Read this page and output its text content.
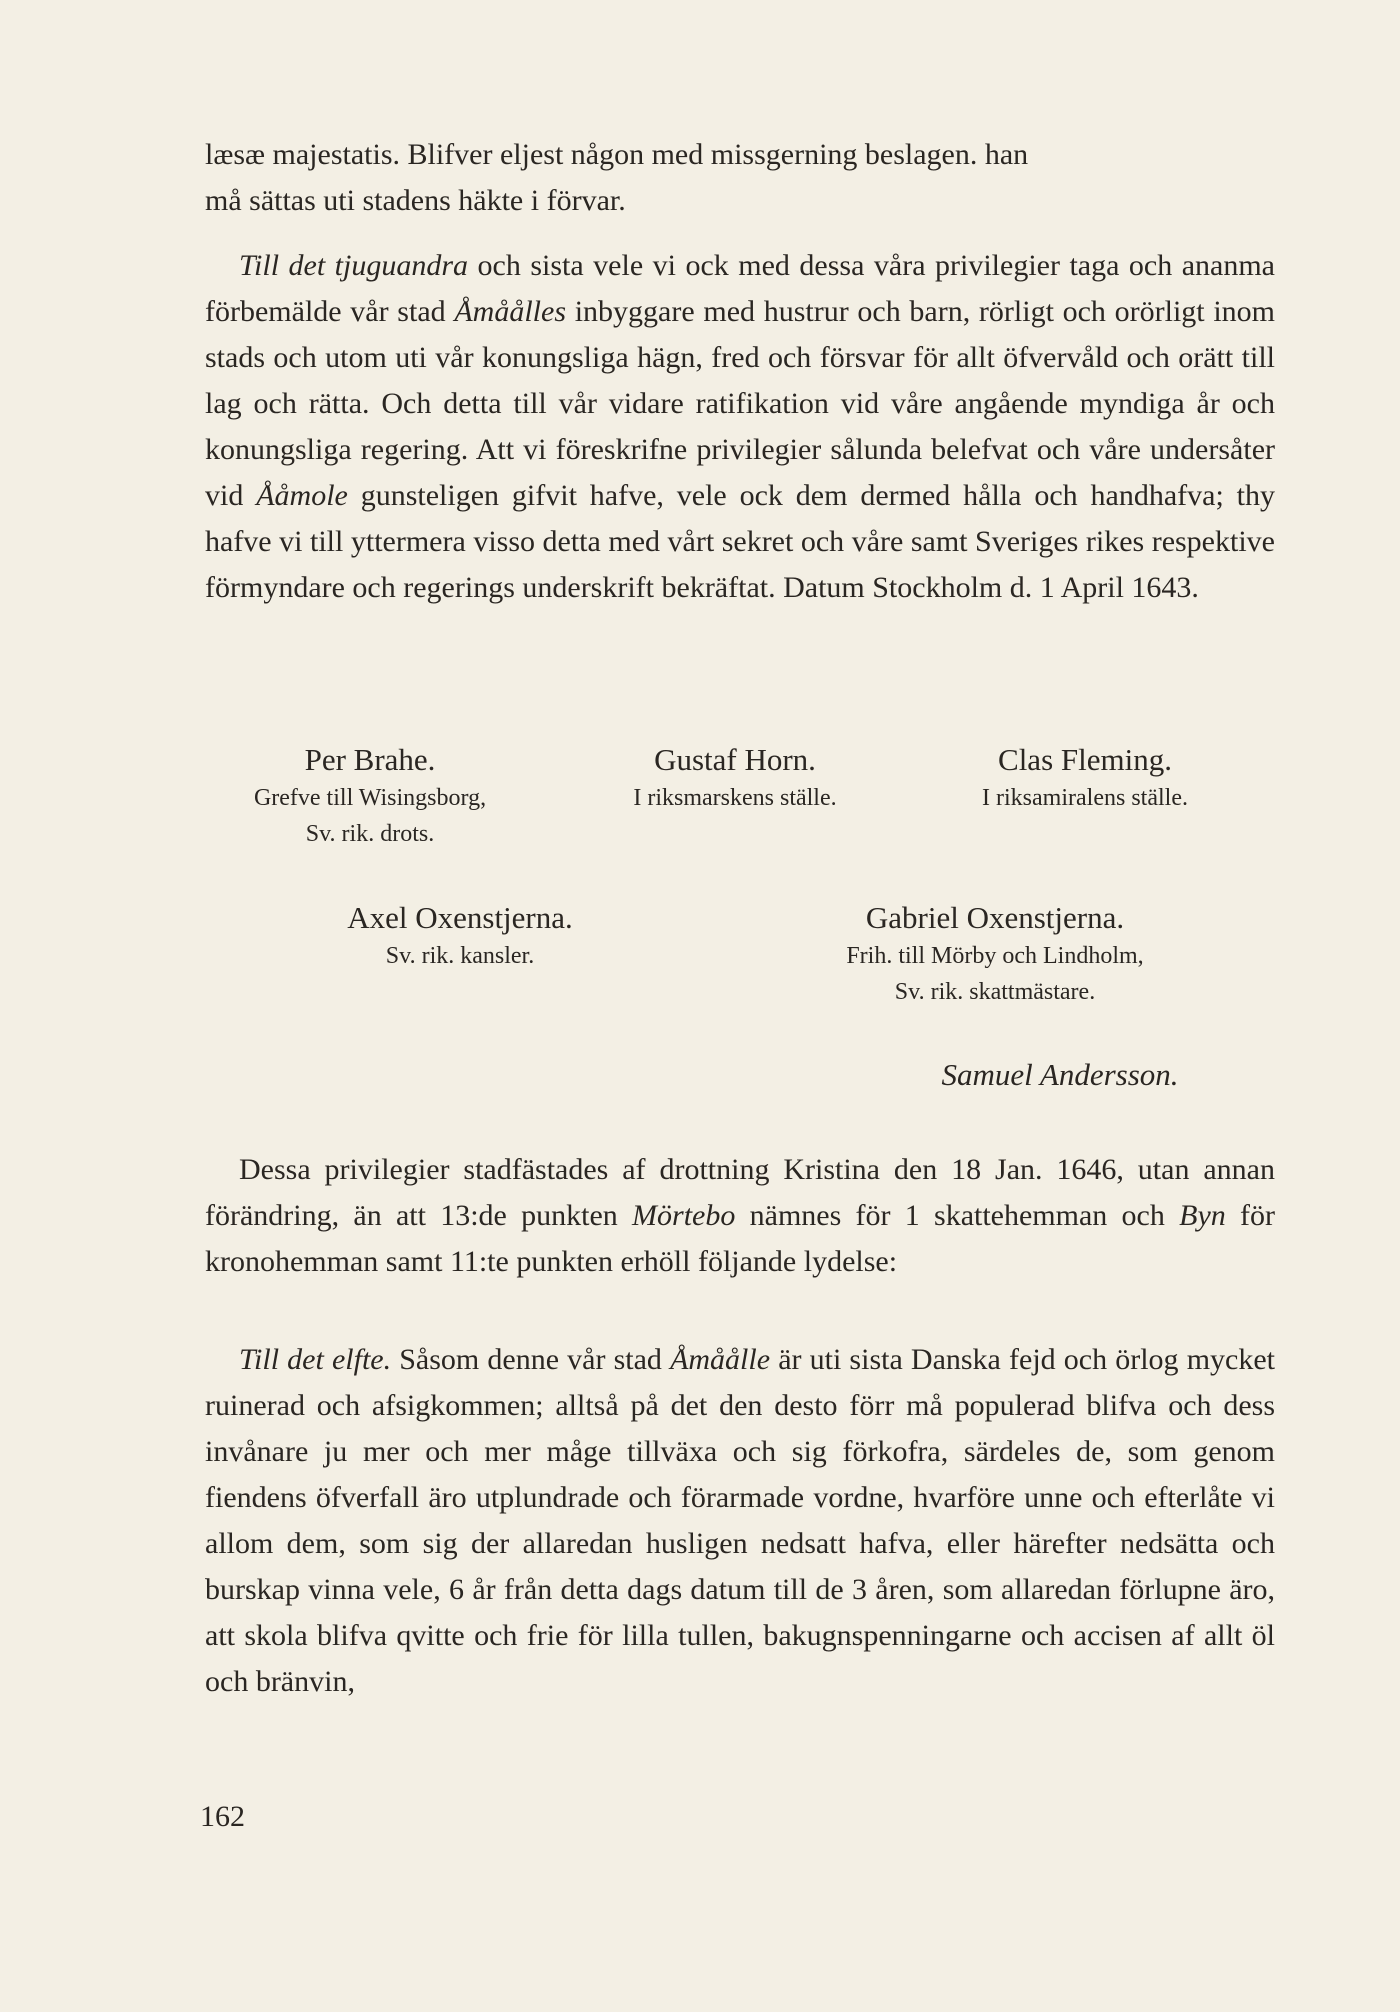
læsæ majestatis. Blifver eljest någon med missgerning beslagen. han

må sättas uti stadens häkte i förvar.

Till det tjuguandra och sista vele vi ock med dessa våra privilegier taga och ananma förbemälde vår stad Åmåålles inbyggare med hustrur och barn, rörligt och orörligt inom stads och utom uti vår konungsliga hägn, fred och försvar för allt öfvervåld och orätt till lag och rätta. Och detta till vår vidare ratifikation vid våre angående myndiga år och konungsliga regering. Att vi föreskrifne privilegier sålunda belefvat och våre undersåter vid Ååmole gunsteligen gifvit hafve, vele ock dem dermed hålla och handhafva; thy hafve vi till yttermera visso detta med vårt sekret och våre samt Sveriges rikes respektive förmyndare och regerings underskrift bekräftat. Datum Stockholm d. 1 April 1643.

Per Brahe.
Grefve till Wisingsborg,
Sv. rik. drots.
Gustaf Horn.
I riksmarskens ställe.
Clas Fleming.
I riksamiralens ställe.
Axel Oxenstjerna.
Sv. rik. kansler.
Gabriel Oxenstjerna.
Frih. till Mörby och Lindholm,
Sv. rik. skattmästare.
Samuel Andersson.

Dessa privilegier stadfästades af drottning Kristina den 18 Jan. 1646, utan annan förändring, än att 13:de punkten Mörtebo nämnes för 1 skattehemman och Byn för kronohemman samt 11:te punkten erhöll följande lydelse:

Till det elfte. Såsom denne vår stad Åmåålle är uti sista Danska fejd och örlog mycket ruinerad och afsigkommen; alltså på det den desto förr må populerad blifva och dess invånare ju mer och mer måge tillväxa och sig förkofra, särdeles de, som genom fiendens öfverfall äro utplundrade och förarmade vordne, hvarföre unne och efterlåte vi allom dem, som sig der allaredan husligen nedsatt hafva, eller härefter nedsätta och burskap vinna vele, 6 år från detta dags datum till de 3 åren, som allaredan förlupne äro, att skola blifva qvitte och frie för lilla tullen, bakugnspenningarne och accisen af allt öl och bränvin,

162
